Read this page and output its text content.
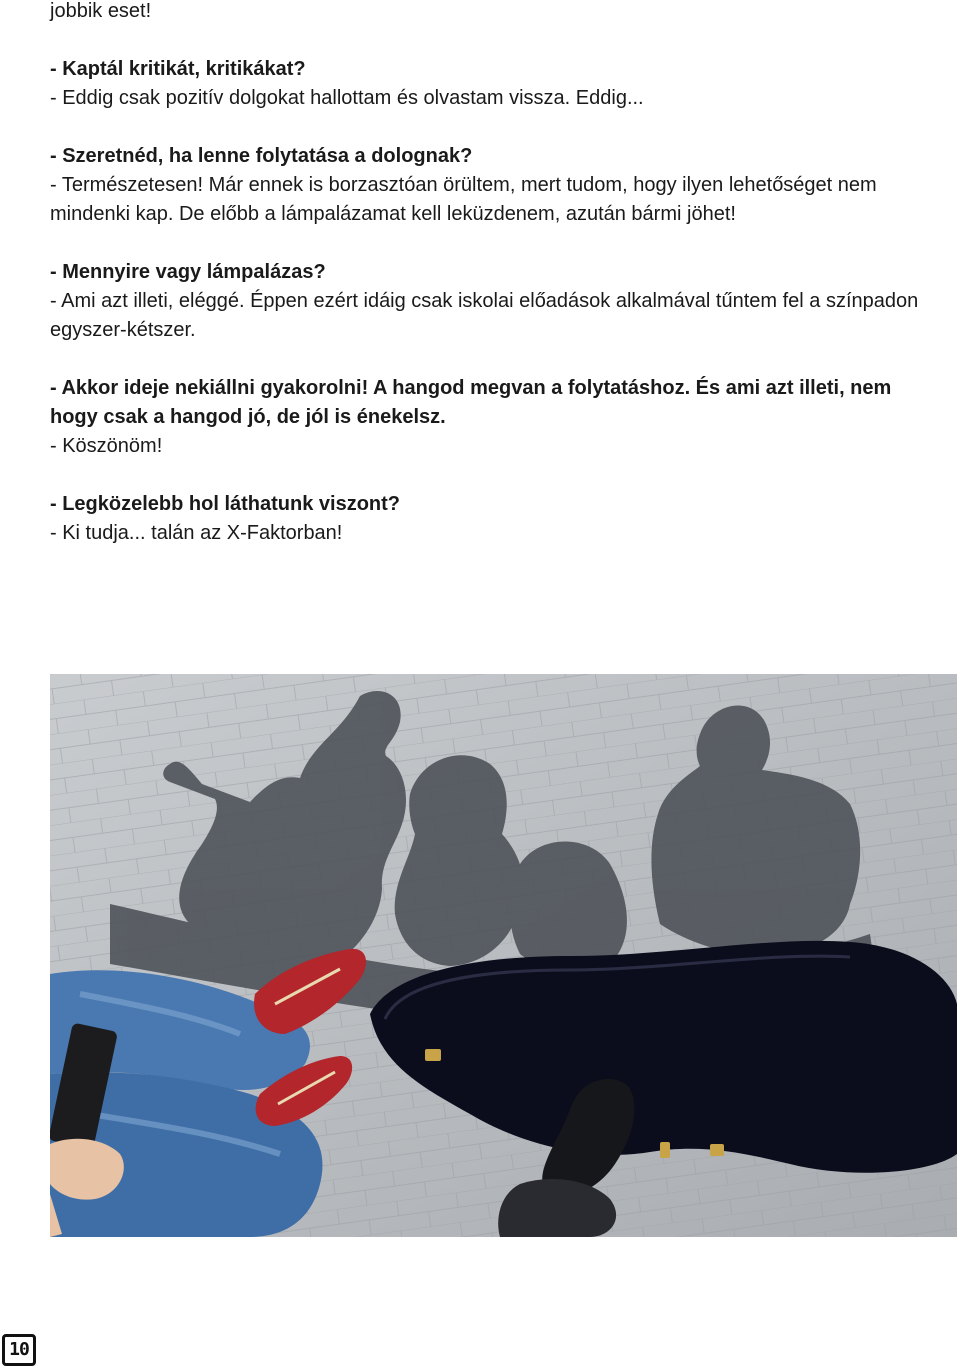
jobbik eset!

- Kaptál kritikát, kritikákat?

- Eddig csak pozitív dolgokat hallottam és olvastam vissza. Eddig...

- Szeretnéd, ha lenne folytatása a dolognak?

- Természetesen! Már ennek is borzasztóan örültem, mert tudom, hogy ilyen lehetőséget nem mindenki kap. De előbb a lámpalázamat kell leküzdenem, azután bármi jöhet!

- Mennyire vagy lámpalázas?

- Ami azt illeti, eléggé. Éppen ezért idáig csak iskolai előadások alkalmával tűntem fel a színpadon egyszer-kétszer.

- Akkor ideje nekiállni gyakorolni! A hangod megvan a folytatáshoz. És ami azt illeti, nem hogy csak a hangod jó, de jól is énekelsz.

- Köszönöm!

- Legközelebb hol láthatunk viszont?

- Ki tudja... talán az X-Faktorban!

10
